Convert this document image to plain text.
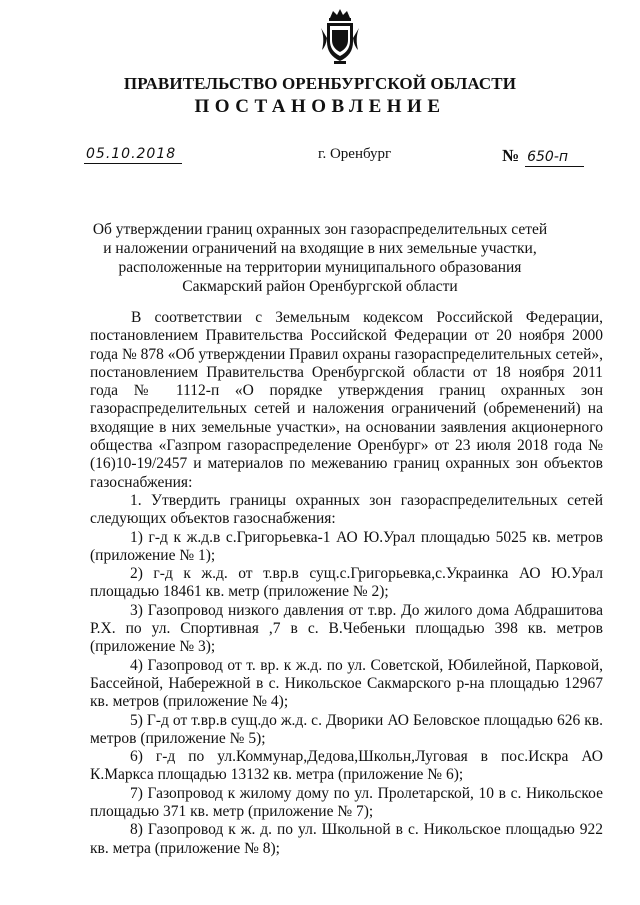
ПРАВИТЕЛЬСТВО ОРЕНБУРГСКОЙ ОБЛАСТИ
ПОСТАНОВЛЕНИЕ
05.10.2018	г. Оренбург	№ 650-п
Об утверждении границ охранных зон газораспределительных сетей
и наложении ограничений на входящие в них земельные участки,
расположенные на территории муниципального образования
Сакмарский район Оренбургской области

В соответствии с Земельным кодексом Российской Федерации, постановлением Правительства Российской Федерации от 20 ноября 2000 года № 878 «Об утверждении Правил охраны газораспределительных сетей», постановлением Правительства Оренбургской области от 18 ноября 2011 года № 1112-п «О порядке утверждения границ охранных зон газораспределительных сетей и наложения ограничений (обременений) на входящие в них земельные участки», на основании заявления акционерного общества «Газпром газораспределение Оренбург» от 23 июля 2018 года № (16)10-19/2457 и материалов по межеванию границ охранных зон объектов газоснабжения:

1. Утвердить границы охранных зон газораспределительных сетей следующих объектов газоснабжения:

1) г-д к ж.д.в с.Григорьевка-1 АО Ю.Урал площадью 5025 кв. метров (приложение № 1);

2) г-д к ж.д. от т.вр.в сущ.с.Григорьевка,с.Украинка АО Ю.Урал площадью 18461 кв. метр (приложение № 2);

3) Газопровод низкого давления от т.вр. До жилого дома Абдрашитова Р.Х. по ул. Спортивная ,7 в с. В.Чебеньки площадью 398 кв. метров (приложение № 3);

4) Газопровод от т. вр. к ж.д. по ул. Советской, Юбилейной, Парковой, Бассейной, Набережной в с. Никольское Сакмарского р-на площадью 12967 кв. метров (приложение № 4);

5) Г-д от т.вр.в сущ.до ж.д. с. Дворики АО Беловское площадью 626 кв. метров (приложение № 5);

6) г-д по ул.Коммунар,Дедова,Школьн,Луговая в пос.Искра АО К.Маркса площадью 13132 кв. метра (приложение № 6);

7) Газопровод к жилому дому по ул. Пролетарской, 10 в с. Никольское площадью 371 кв. метр (приложение № 7);

8) Газопровод к ж. д. по ул. Школьной в с. Никольское площадью 922 кв. метра (приложение № 8);
